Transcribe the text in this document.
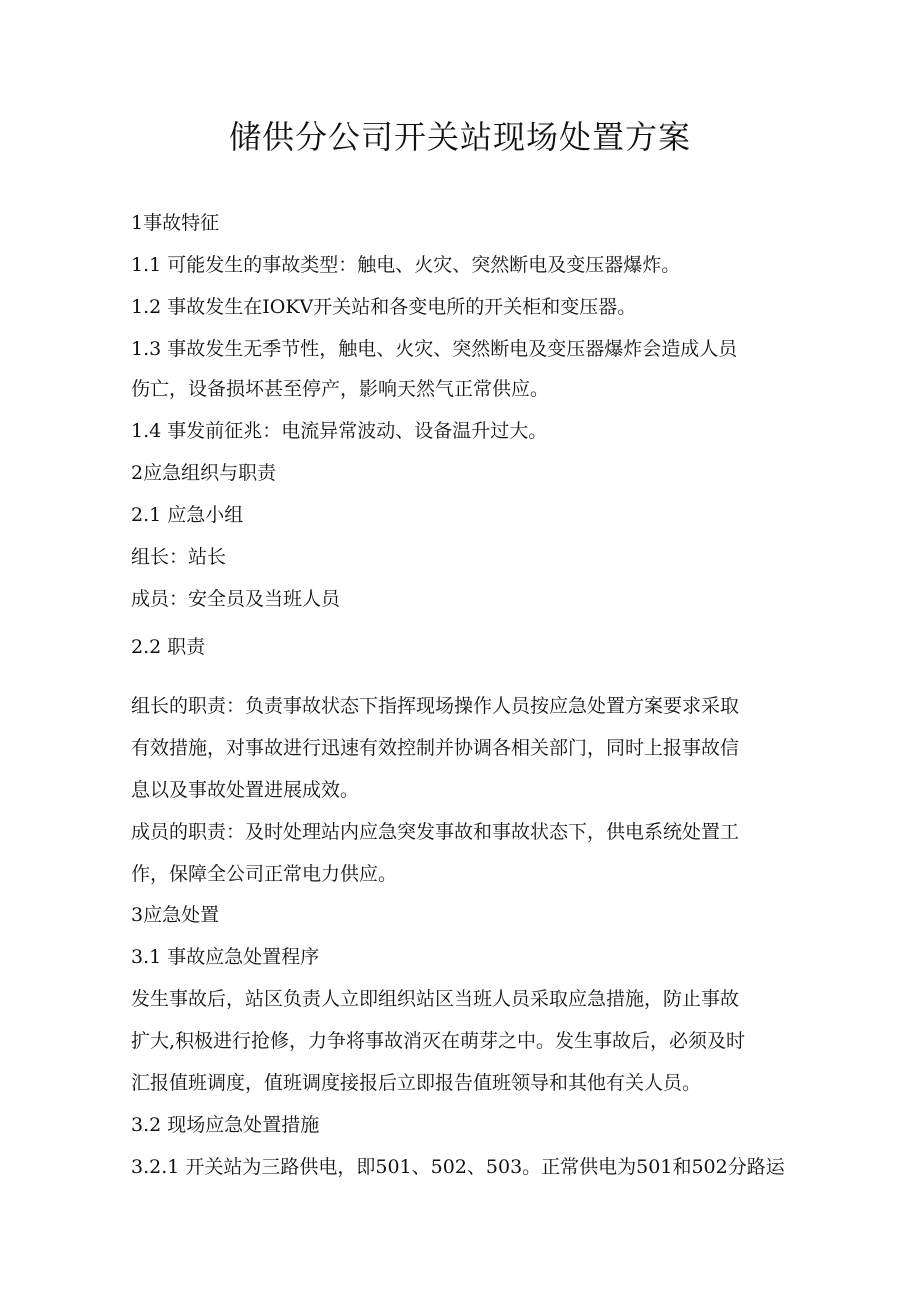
储供分公司开关站现场处置方案
1事故特征
1.1 可能发生的事故类型：触电、火灾、突然断电及变压器爆炸。
1.2 事故发生在IOKV开关站和各变电所的开关柜和变压器。
1.3 事故发生无季节性，触电、火灾、突然断电及变压器爆炸会造成人员
伤亡，设备损坏甚至停产，影响天然气正常供应。
1.4 事发前征兆：电流异常波动、设备温升过大。
2应急组织与职责
2.1 应急小组
组长：站长
成员：安全员及当班人员
2.2 职责
组长的职责：负责事故状态下指挥现场操作人员按应急处置方案要求采取
有效措施，对事故进行迅速有效控制并协调各相关部门，同时上报事故信
息以及事故处置进展成效。
成员的职责：及时处理站内应急突发事故和事故状态下，供电系统处置工
作，保障全公司正常电力供应。
3应急处置
3.1 事故应急处置程序
发生事故后，站区负责人立即组织站区当班人员采取应急措施，防止事故
扩大,积极进行抢修，力争将事故消灭在萌芽之中。发生事故后，必须及时
汇报值班调度，值班调度接报后立即报告值班领导和其他有关人员。
3.2 现场应急处置措施
3.2.1 开关站为三路供电，即501、502、503。正常供电为501和502分路运
